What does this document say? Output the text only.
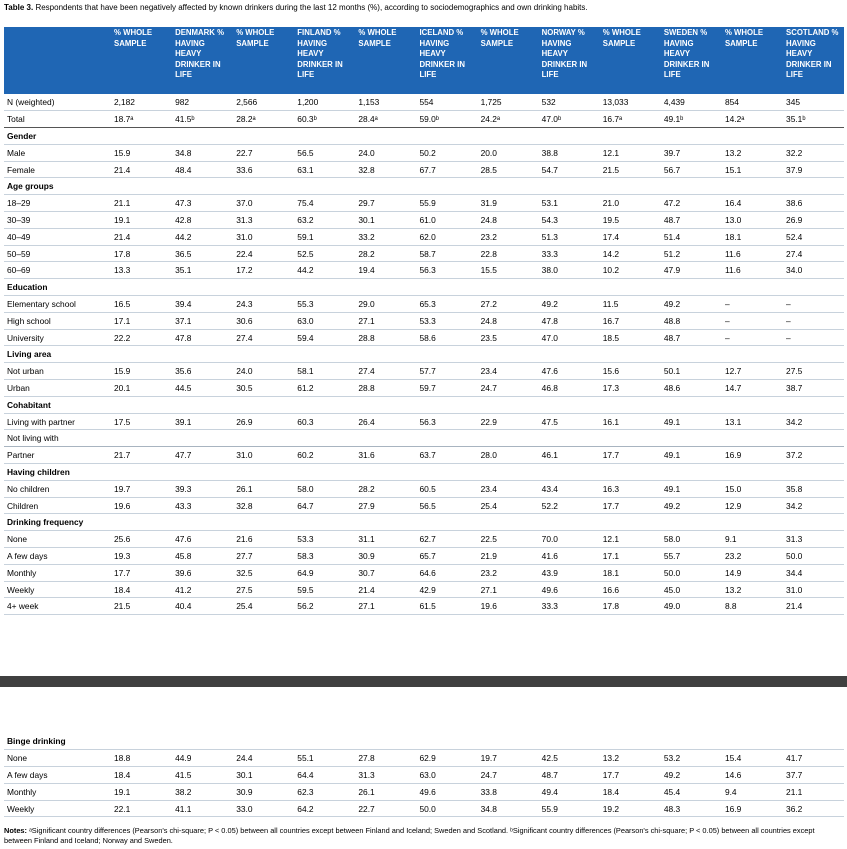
Table 3. Respondents that have been negatively affected by known drinkers during the last 12 months (%), according to sociodemographics and own drinking habits.
	% WHOLE SAMPLE	DENMARK % HAVING HEAVY DRINKER IN LIFE	% WHOLE SAMPLE	FINLAND % HAVING HEAVY DRINKER IN LIFE	% WHOLE SAMPLE	ICELAND % HAVING HEAVY DRINKER IN LIFE	% WHOLE SAMPLE	NORWAY % HAVING HEAVY DRINKER IN LIFE	% WHOLE SAMPLE	SWEDEN % HAVING HEAVY DRINKER IN LIFE	% WHOLE SAMPLE	SCOTLAND % HAVING HEAVY DRINKER IN LIFE
N (weighted)	2,182	982	2,566	1,200	1,153	554	1,725	532	13,033	4,439	854	345
Total	18.7ᵃ	41.5ᵇ	28.2ᵃ	60.3ᵇ	28.4ᵃ	59.0ᵇ	24.2ᵃ	47.0ᵇ	16.7ᵃ	49.1ᵇ	14.2ᵃ	35.1ᵇ
Gender												
Male	15.9	34.8	22.7	56.5	24.0	50.2	20.0	38.8	12.1	39.7	13.2	32.2
Female	21.4	48.4	33.6	63.1	32.8	67.7	28.5	54.7	21.5	56.7	15.1	37.9
Age groups												
18–29	21.1	47.3	37.0	75.4	29.7	55.9	31.9	53.1	21.0	47.2	16.4	38.6
30–39	19.1	42.8	31.3	63.2	30.1	61.0	24.8	54.3	19.5	48.7	13.0	26.9
40–49	21.4	44.2	31.0	59.1	33.2	62.0	23.2	51.3	17.4	51.4	18.1	52.4
50–59	17.8	36.5	22.4	52.5	28.2	58.7	22.8	33.3	14.2	51.2	11.6	27.4
60–69	13.3	35.1	17.2	44.2	19.4	56.3	15.5	38.0	10.2	47.9	11.6	34.0
Education												
Elementary school	16.5	39.4	24.3	55.3	29.0	65.3	27.2	49.2	11.5	49.2	–	–
High school	17.1	37.1	30.6	63.0	27.1	53.3	24.8	47.8	16.7	48.8	–	–
University	22.2	47.8	27.4	59.4	28.8	58.6	23.5	47.0	18.5	48.7	–	–
Living area												
Not urban	15.9	35.6	24.0	58.1	27.4	57.7	23.4	47.6	15.6	50.1	12.7	27.5
Urban	20.1	44.5	30.5	61.2	28.8	59.7	24.7	46.8	17.3	48.6	14.7	38.7
Cohabitant												
Living with partner	17.5	39.1	26.9	60.3	26.4	56.3	22.9	47.5	16.1	49.1	13.1	34.2
Not living with												
Partner	21.7	47.7	31.0	60.2	31.6	63.7	28.0	46.1	17.7	49.1	16.9	37.2
Having children												
No children	19.7	39.3	26.1	58.0	28.2	60.5	23.4	43.4	16.3	49.1	15.0	35.8
Children	19.6	43.3	32.8	64.7	27.9	56.5	25.4	52.2	17.7	49.2	12.9	34.2
Drinking frequency												
None	25.6	47.6	21.6	53.3	31.1	62.7	22.5	70.0	12.1	58.0	9.1	31.3
A few days	19.3	45.8	27.7	58.3	30.9	65.7	21.9	41.6	17.1	55.7	23.2	50.0
Monthly	17.7	39.6	32.5	64.9	30.7	64.6	23.2	43.9	18.1	50.0	14.9	34.4
Weekly	18.4	41.2	27.5	59.5	21.4	42.9	27.1	49.6	16.6	45.0	13.2	31.0
4+ week	21.5	40.4	25.4	56.2	27.1	61.5	19.6	33.3	17.8	49.0	8.8	21.4
Binge drinking												
None	18.8	44.9	24.4	55.1	27.8	62.9	19.7	42.5	13.2	53.2	15.4	41.7
A few days	18.4	41.5	30.1	64.4	31.3	63.0	24.7	48.7	17.7	49.2	14.6	37.7
Monthly	19.1	38.2	30.9	62.3	26.1	49.6	33.8	49.4	18.4	45.4	9.4	21.1
Weekly	22.1	41.1	33.0	64.2	22.7	50.0	34.8	55.9	19.2	48.3	16.9	36.2
Notes: ᵃSignificant country differences (Pearson's chi-square; P < 0.05) between all countries except between Finland and Iceland; Sweden and Scotland. ᵇSignificant country differences (Pearson's chi-square; P < 0.05) between all countries except between Finland and Iceland; Norway and Sweden.
